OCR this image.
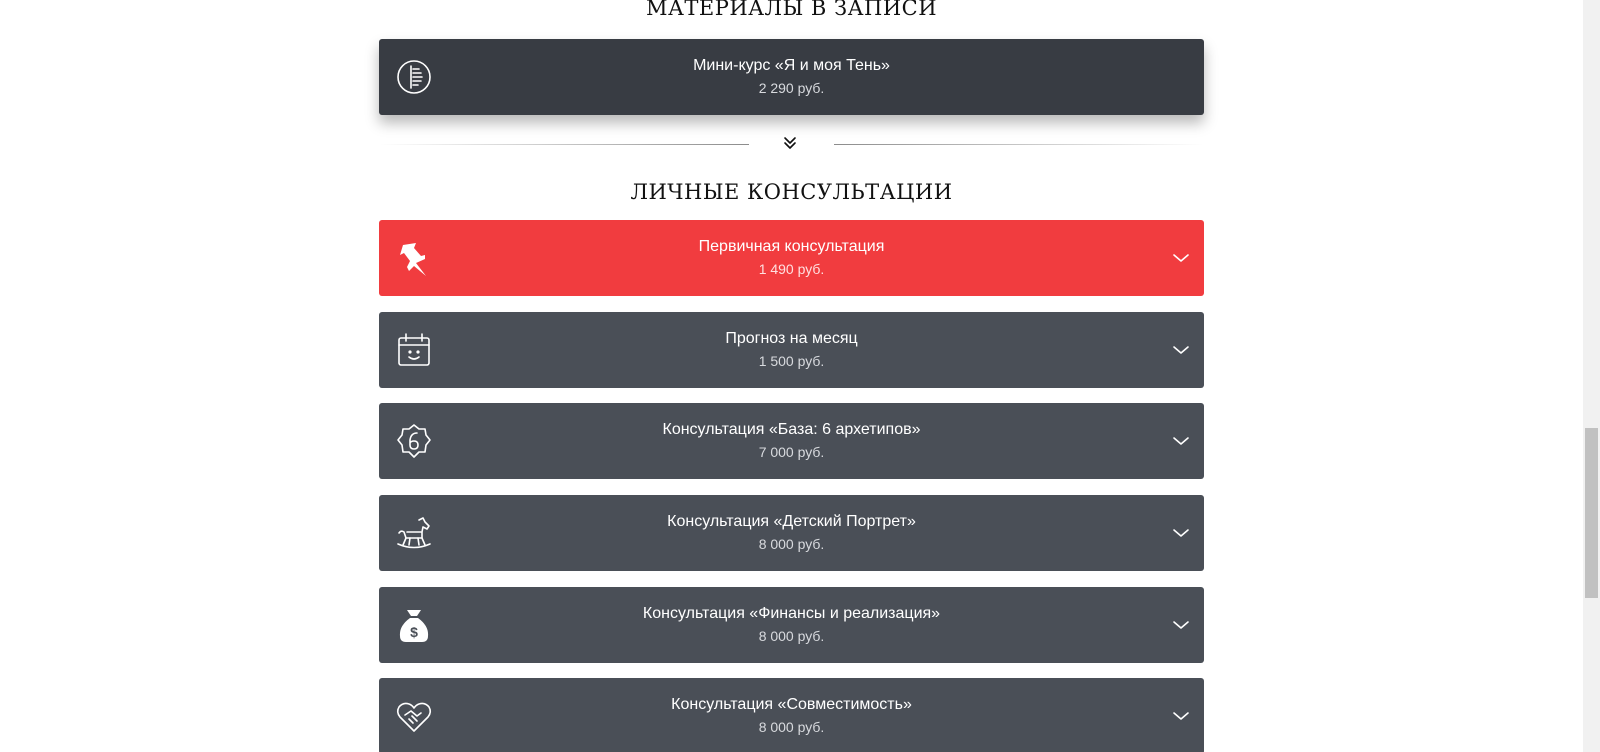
МАТЕРИАЛЫ В ЗАПИСИ
Мини-курс «Я и моя Тень»
2 290 руб.
ЛИЧНЫЕ КОНСУЛЬТАЦИИ
Первичная консультация
1 490 руб.
Прогноз на месяц
1 500 руб.
Консультация «База: 6 архетипов»
7 000 руб.
Консультация «Детский Портрет»
8 000 руб.
$
Консультация «Финансы и реализация»
8 000 руб.
Консультация «Совместимость»
8 000 руб.
